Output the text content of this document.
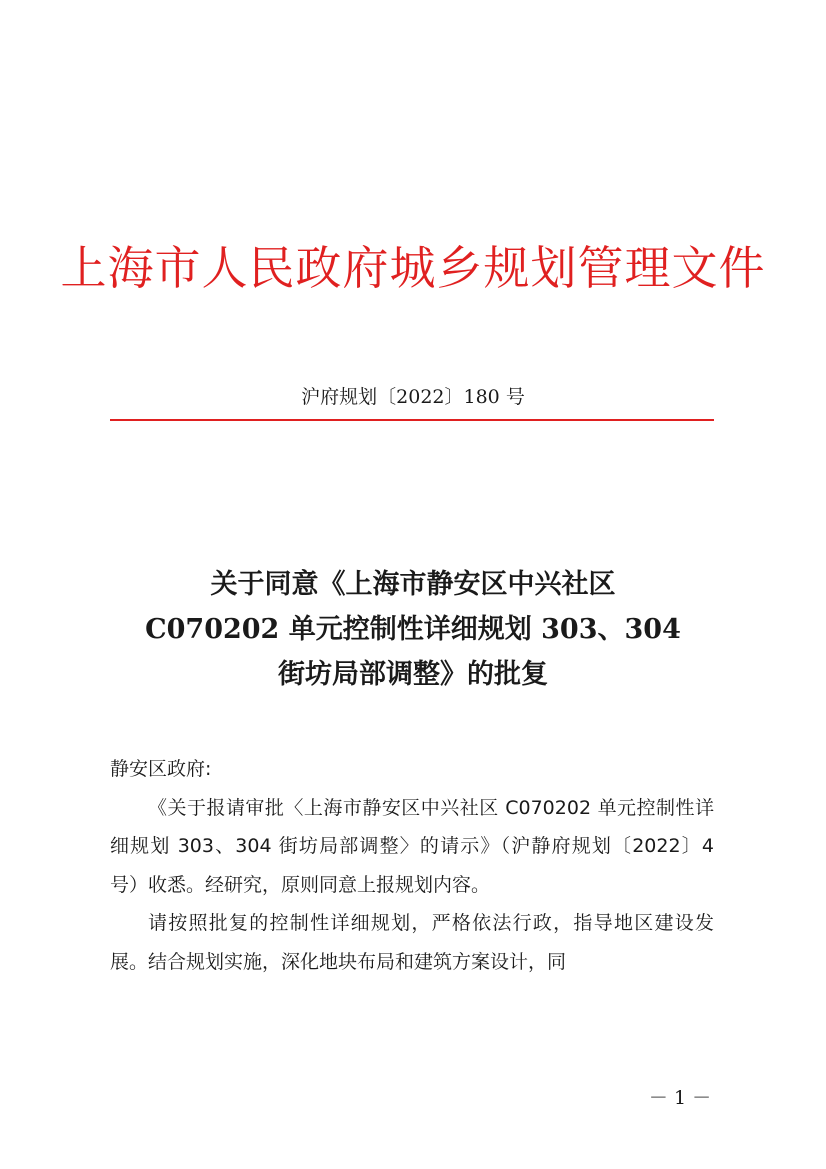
上海市人民政府城乡规划管理文件
沪府规划〔2022〕180 号
关于同意《上海市静安区中兴社区
C070202 单元控制性详细规划 303、304
街坊局部调整》的批复

静安区政府:

《关于报请审批〈上海市静安区中兴社区 C070202 单元控制性详细规划 303、304 街坊局部调整〉的请示》（沪静府规划〔2022〕4 号）收悉。经研究，原则同意上报规划内容。

请按照批复的控制性详细规划，严格依法行政，指导地区建设发展。结合规划实施，深化地块布局和建筑方案设计，同

－ 1 －
